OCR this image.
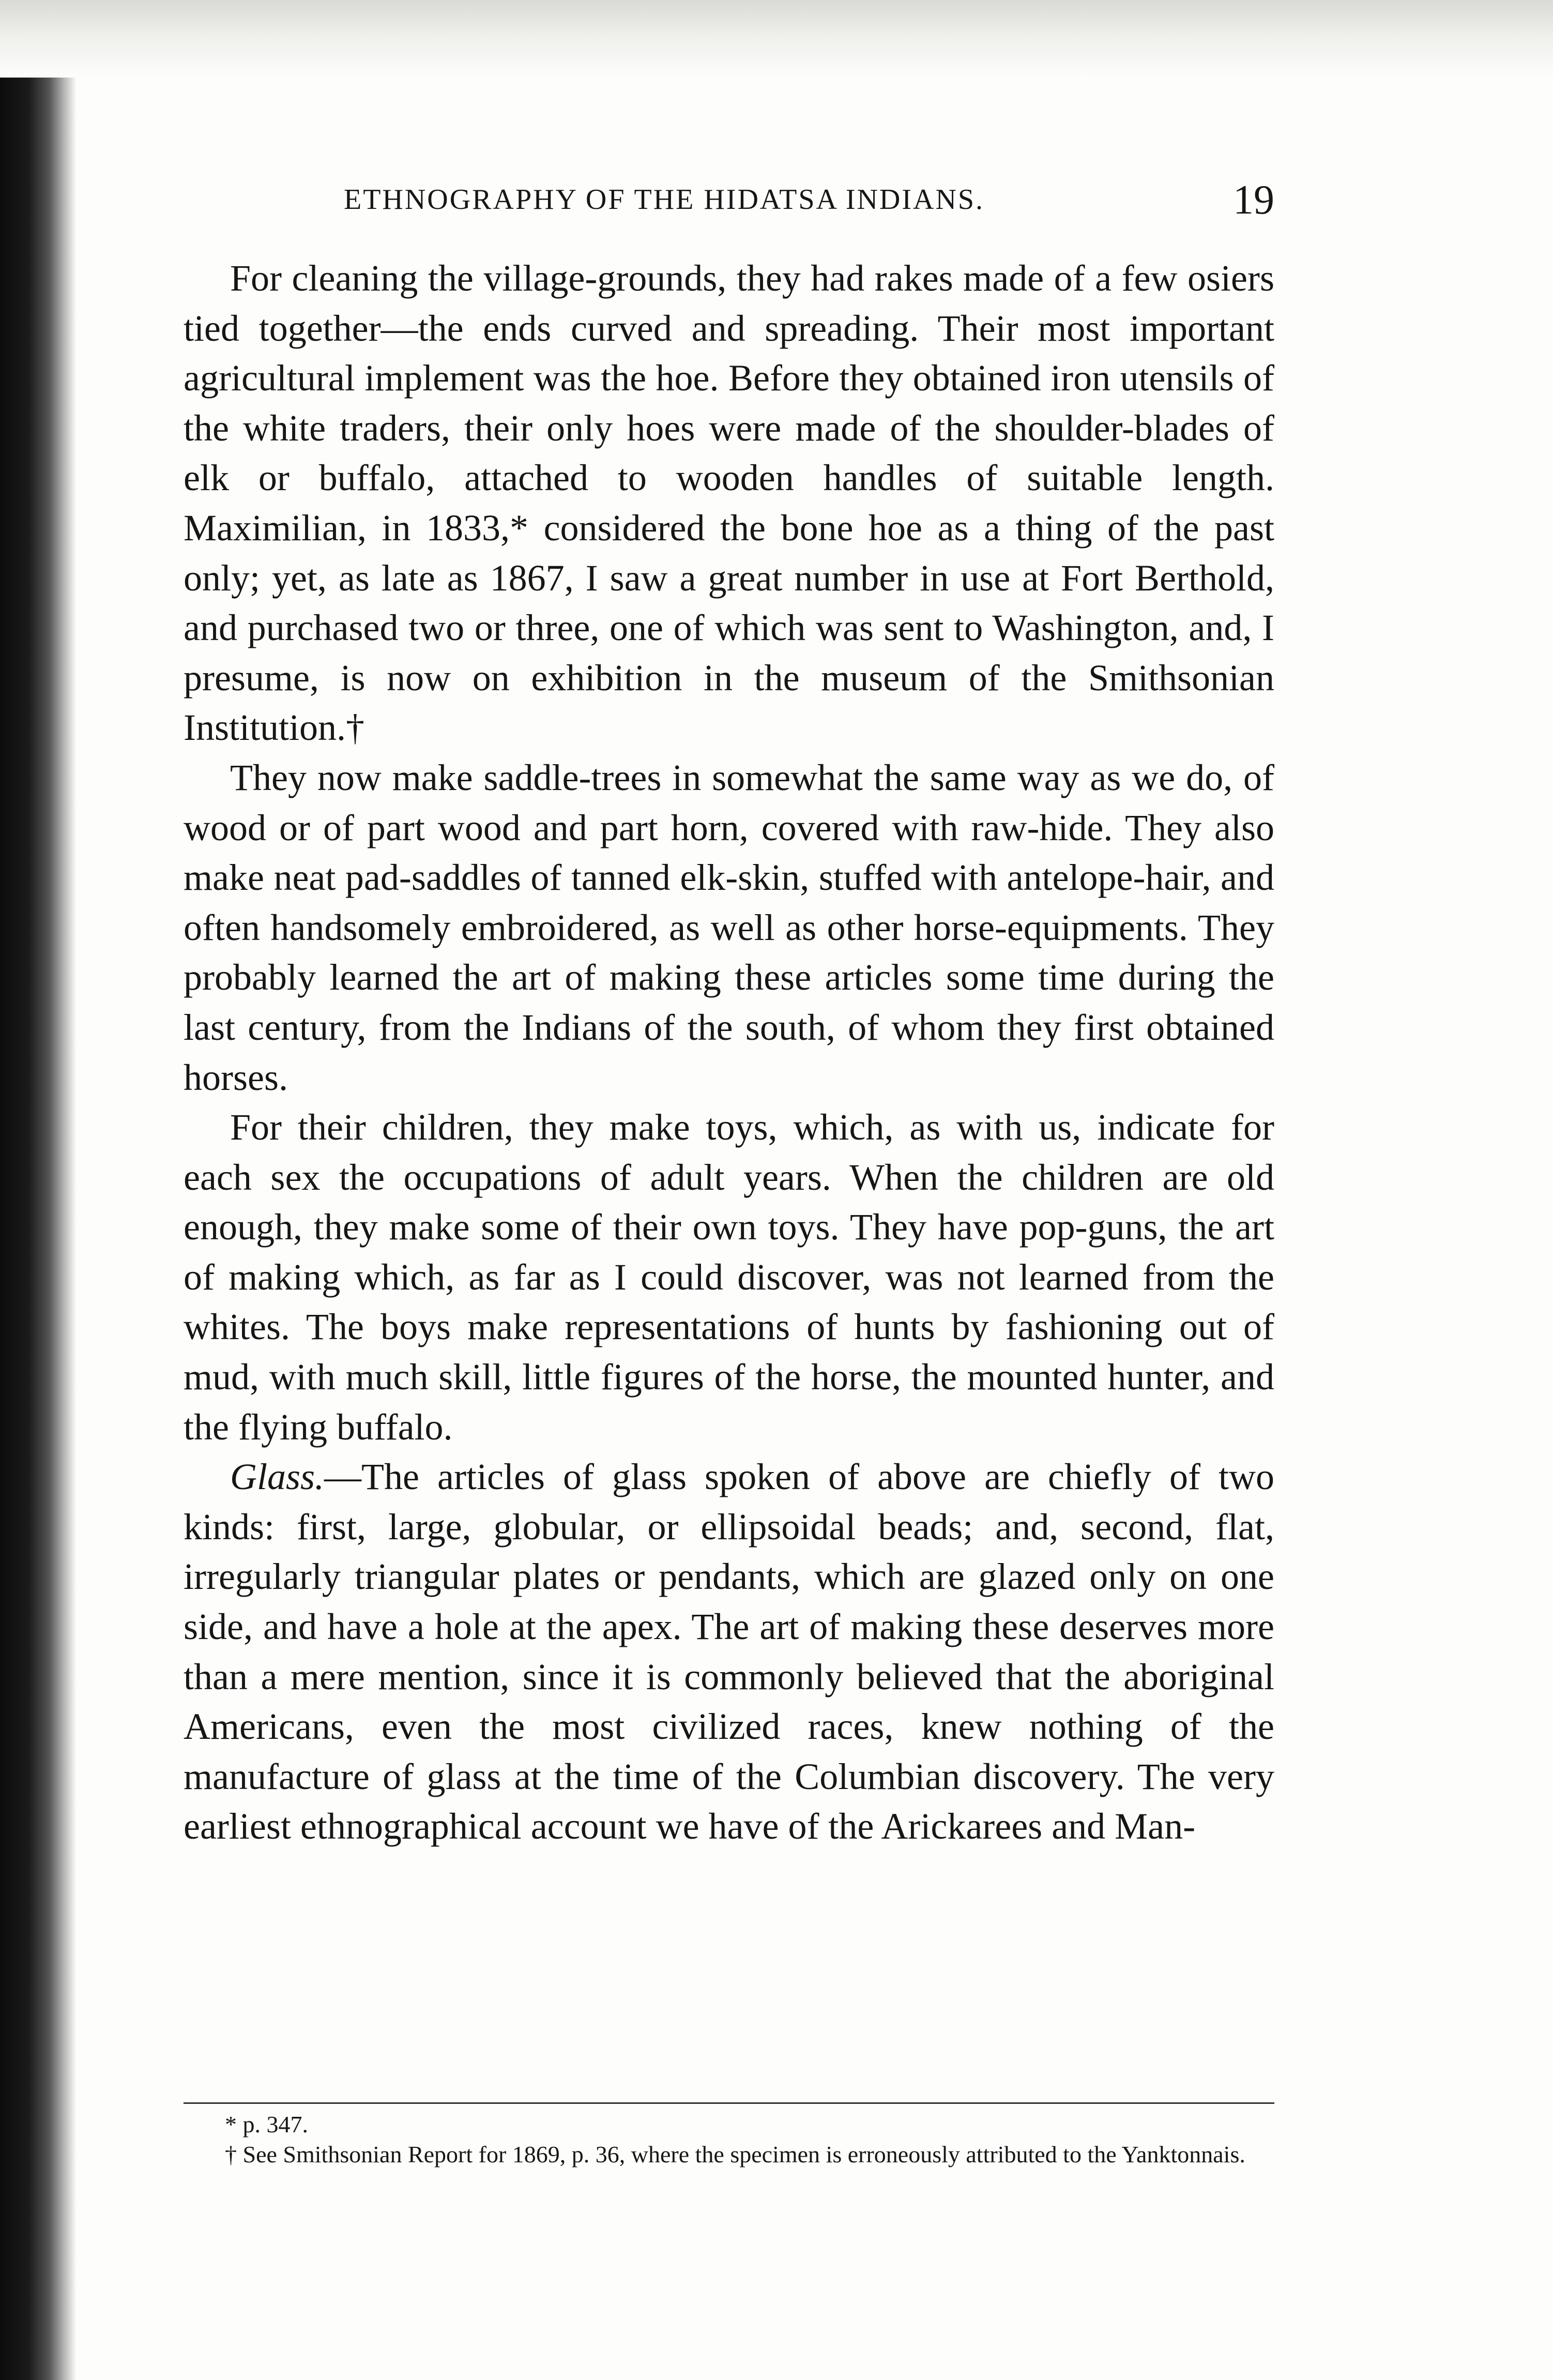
ETHNOGRAPHY OF THE HIDATSA INDIANS.	19

For cleaning the village-grounds, they had rakes made of a few osiers tied together—the ends curved and spreading. Their most important agricultural implement was the hoe. Before they obtained iron utensils of the white traders, their only hoes were made of the shoulder-blades of elk or buffalo, attached to wooden handles of suitable length. Maximilian, in 1833,* considered the bone hoe as a thing of the past only; yet, as late as 1867, I saw a great number in use at Fort Berthold, and purchased two or three, one of which was sent to Washington, and, I presume, is now on exhibition in the museum of the Smithsonian Institution.†

They now make saddle-trees in somewhat the same way as we do, of wood or of part wood and part horn, covered with raw-hide. They also make neat pad-saddles of tanned elk-skin, stuffed with antelope-hair, and often handsomely embroidered, as well as other horse-equipments. They probably learned the art of making these articles some time during the last century, from the Indians of the south, of whom they first obtained horses.

For their children, they make toys, which, as with us, indicate for each sex the occupations of adult years. When the children are old enough, they make some of their own toys. They have pop-guns, the art of making which, as far as I could discover, was not learned from the whites. The boys make representations of hunts by fashioning out of mud, with much skill, little figures of the horse, the mounted hunter, and the flying buffalo.

Glass.—The articles of glass spoken of above are chiefly of two kinds: first, large, globular, or ellipsoidal beads; and, second, flat, irregularly triangular plates or pendants, which are glazed only on one side, and have a hole at the apex. The art of making these deserves more than a mere mention, since it is commonly believed that the aboriginal Americans, even the most civilized races, knew nothing of the manufacture of glass at the time of the Columbian discovery. The very earliest ethnographical account we have of the Arickarees and Man-

* p. 347.

† See Smithsonian Report for 1869, p. 36, where the specimen is erroneously attributed to the Yanktonnais.
